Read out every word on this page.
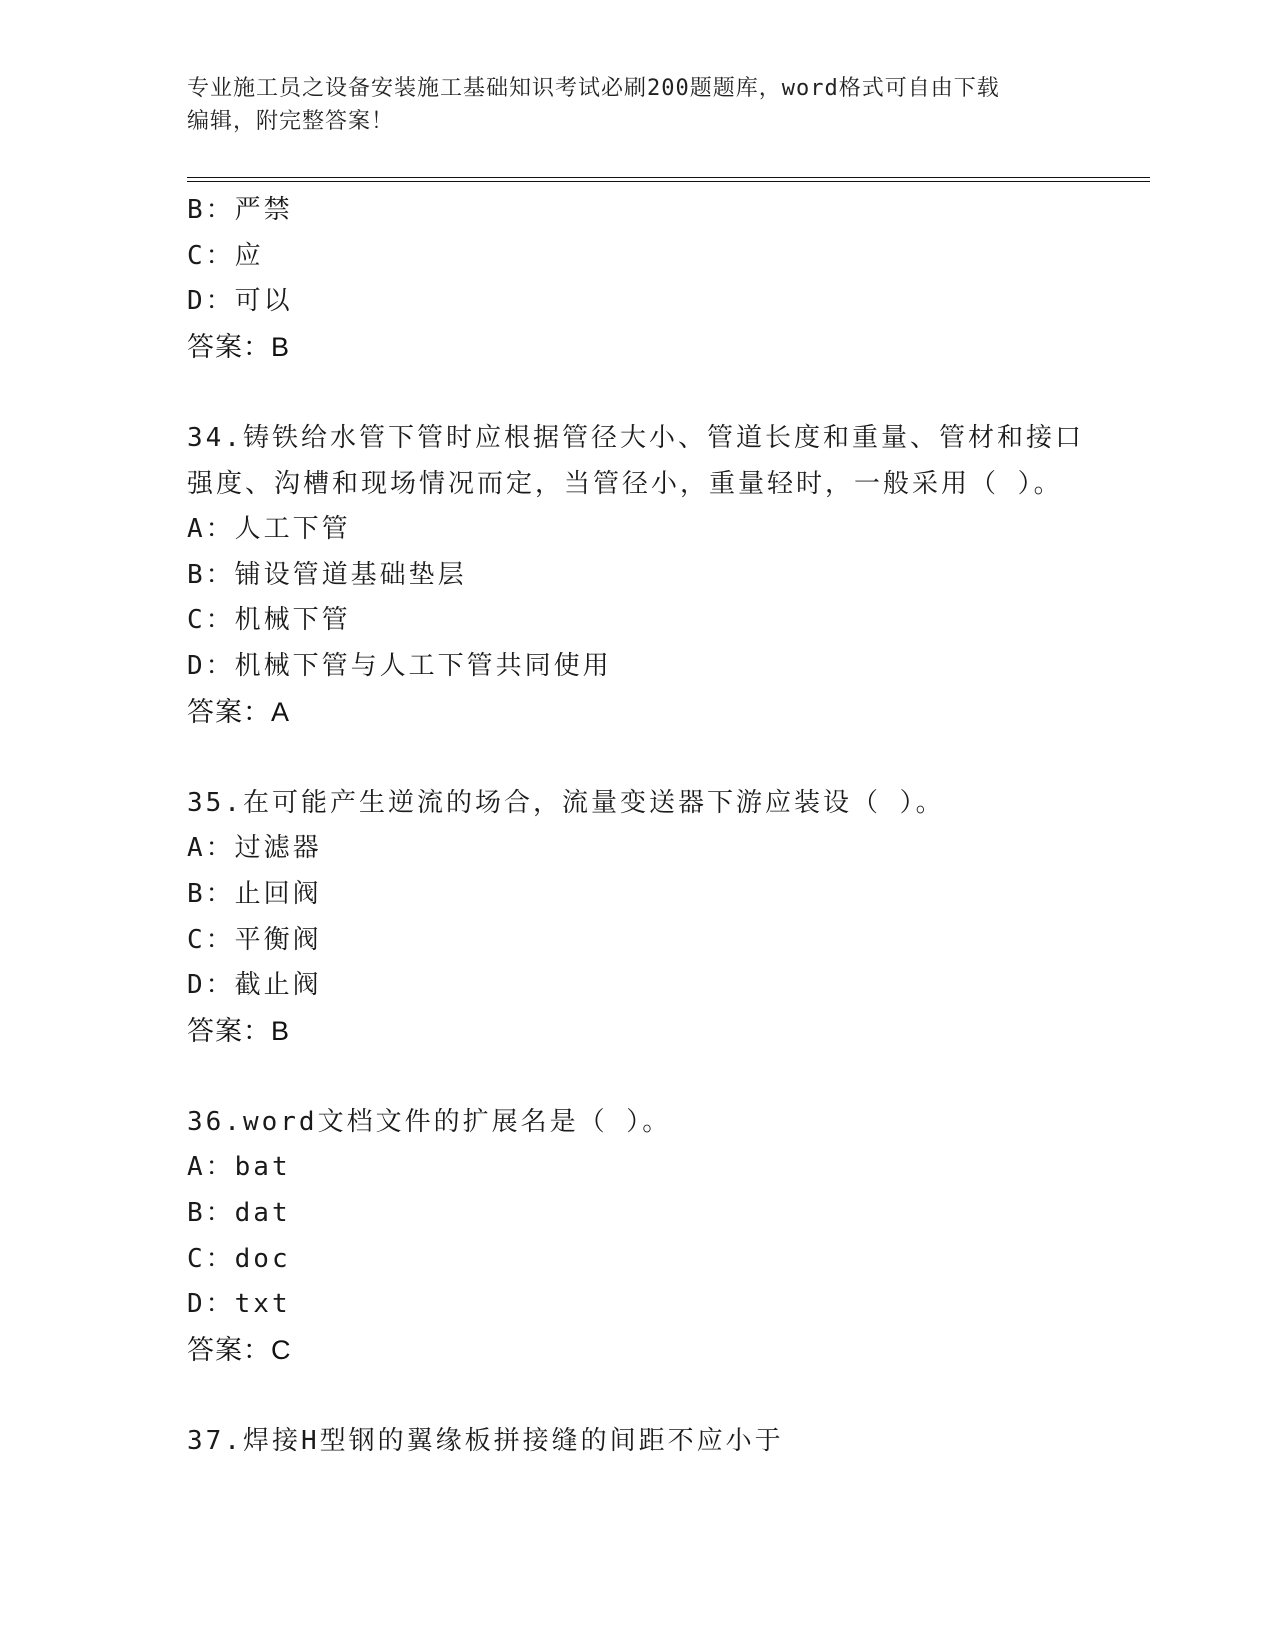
专业施工员之设备安装施工基础知识考试必刷200题题库，word格式可自由下载
编辑，附完整答案！
B：严禁
C：应
D：可以
答案：B
34.铸铁给水管下管时应根据管径大小、管道长度和重量、管材和接口
强度、沟槽和现场情况而定，当管径小，重量轻时，一般采用（ ）。
A：人工下管
B：铺设管道基础垫层
C：机械下管
D：机械下管与人工下管共同使用
答案：A
35.在可能产生逆流的场合，流量变送器下游应装设（ ）。
A：过滤器
B：止回阀
C：平衡阀
D：截止阀
答案：B
36.word文档文件的扩展名是（ ）。
A：bat
B：dat
C：doc
D：txt
答案：C
37.焊接H型钢的翼缘板拼接缝的间距不应小于
